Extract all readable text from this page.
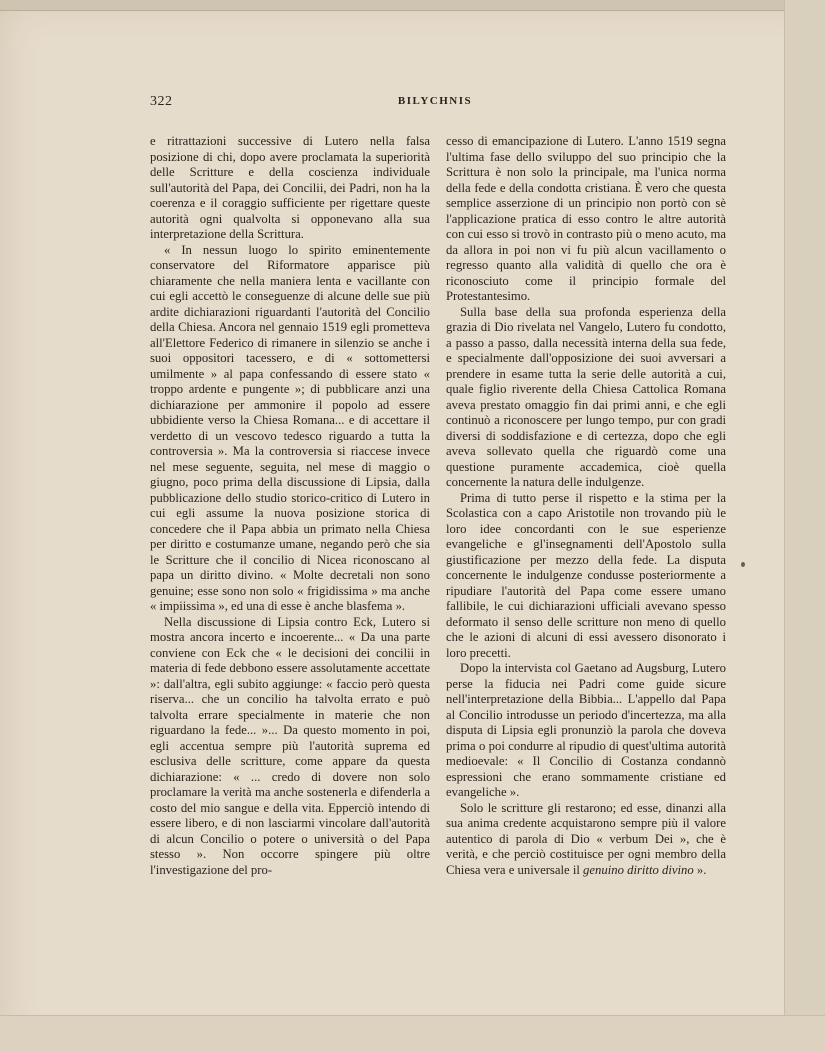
322	BILYCHNIS

e ritrattazioni successive di Lutero nella falsa posizione di chi, dopo avere proclamata la superiorità delle Scritture e della coscienza individuale sull'autorità del Papa, dei Concilii, dei Padri, non ha la coerenza e il coraggio sufficiente per rigettare queste autorità ogni qualvolta si opponevano alla sua interpretazione della Scrittura.

« In nessun luogo lo spirito eminentemente conservatore del Riformatore apparisce più chiaramente che nella maniera lenta e vacillante con cui egli accettò le conseguenze di alcune delle sue più ardite dichiarazioni riguardanti l'autorità del Concilio della Chiesa. Ancora nel gennaio 1519 egli prometteva all'Elettore Federico di rimanere in silenzio se anche i suoi oppositori tacessero, e di « sottomettersi umilmente » al papa confessando di essere stato « troppo ardente e pungente »; di pubblicare anzi una dichiarazione per ammonire il popolo ad essere ubbidiente verso la Chiesa Romana... e di accettare il verdetto di un vescovo tedesco riguardo a tutta la controversia ». Ma la controversia si riaccese invece nel mese seguente, seguita, nel mese di maggio o giugno, poco prima della discussione di Lipsia, dalla pubblicazione dello studio storico-critico di Lutero in cui egli assume la nuova posizione storica di concedere che il Papa abbia un primato nella Chiesa per diritto e costumanze umane, negando però che sia le Scritture che il concilio di Nicea riconoscano al papa un diritto divino. « Molte decretali non sono genuine; esse sono non solo « frigidissima » ma anche « impiissima », ed una di esse è anche blasfema ».

Nella discussione di Lipsia contro Eck, Lutero si mostra ancora incerto e incoerente... « Da una parte conviene con Eck che « le decisioni dei concilii in materia di fede debbono essere assolutamente accettate »: dall'altra, egli subito aggiunge: « faccio però questa riserva... che un concilio ha talvolta errato e può talvolta errare specialmente in materie che non riguardano la fede... »... Da questo momento in poi, egli accentua sempre più l'autorità suprema ed esclusiva delle scritture, come appare da questa dichiarazione: « ... credo di dovere non solo proclamare la verità ma anche sostenerla e difenderla a costo del mio sangue e della vita. Epperciò intendo di essere libero, e di non lasciarmi vincolare dall'autorità di alcun Concilio o potere o università o del Papa stesso ». Non occorre spingere più oltre l'investigazione del pro-

cesso di emancipazione di Lutero. L'anno 1519 segna l'ultima fase dello sviluppo del suo principio che la Scrittura è non solo la principale, ma l'unica norma della fede e della condotta cristiana. È vero che questa semplice asserzione di un principio non portò con sè l'applicazione pratica di esso contro le altre autorità con cui esso si trovò in contrasto più o meno acuto, ma da allora in poi non vi fu più alcun vacillamento o regresso quanto alla validità di quello che ora è riconosciuto come il principio formale del Protestantesimo.

Sulla base della sua profonda esperienza della grazia di Dio rivelata nel Vangelo, Lutero fu condotto, a passo a passo, dalla necessità interna della sua fede, e specialmente dall'opposizione dei suoi avversari a prendere in esame tutta la serie delle autorità a cui, quale figlio riverente della Chiesa Cattolica Romana aveva prestato omaggio fin dai primi anni, e che egli continuò a riconoscere per lungo tempo, pur con gradi diversi di soddisfazione e di certezza, dopo che egli aveva sollevato quella che riguardò come una questione puramente accademica, cioè quella concernente la natura delle indulgenze.

Prima di tutto perse il rispetto e la stima per la Scolastica con a capo Aristotile non trovando più le loro idee concordanti con le sue esperienze evangeliche e gl'insegnamenti dell'Apostolo sulla giustificazione per mezzo della fede. La disputa concernente le indulgenze condusse posteriormente a ripudiare l'autorità del Papa come essere umano fallibile, le cui dichiarazioni ufficiali avevano spesso deformato il senso delle scritture non meno di quello che le azioni di alcuni di essi avessero disonorato i loro precetti.

Dopo la intervista col Gaetano ad Augsburg, Lutero perse la fiducia nei Padri come guide sicure nell'interpretazione della Bibbia... L'appello dal Papa al Concilio introdusse un periodo d'incertezza, ma alla disputa di Lipsia egli pronunziò la parola che doveva prima o poi condurre al ripudio di quest'ultima autorità medioevale: « Il Concilio di Costanza condannò espressioni che erano sommamente cristiane ed evangeliche ».

Solo le scritture gli restarono; ed esse, dinanzi alla sua anima credente acquistarono sempre più il valore autentico di parola di Dio « verbum Dei », che è verità, e che perciò costituisce per ogni membro della Chiesa vera e universale il genuino diritto divino ».
